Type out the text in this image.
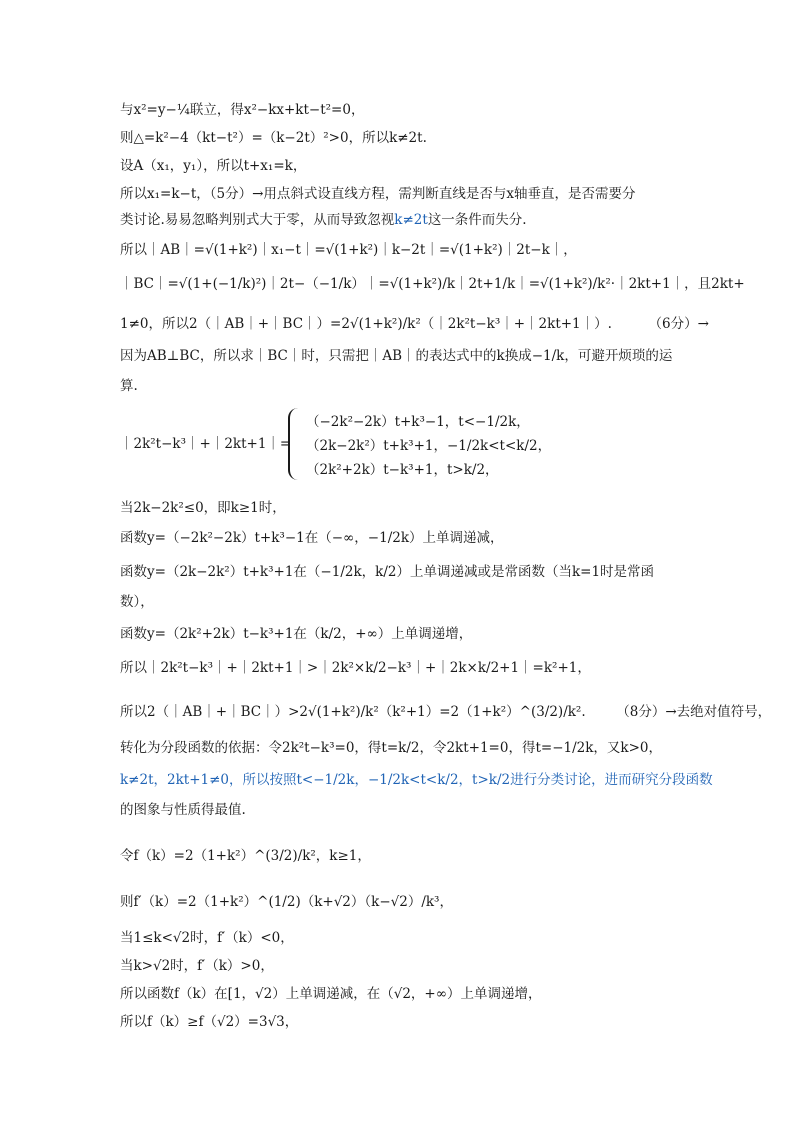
与x²=y−¼联立，得x²−kx+kt−t²=0，
则△=k²−4（kt−t²）=（k−2t）²>0，所以k≠2t.
设A（x₁，y₁），所以t+x₁=k，
所以x₁=k−t，（5分）→用点斜式设直线方程，需判断直线是否与x轴垂直，是否需要分
类讨论.易易忽略判别式大于零，从而导致忽视k≠2t这一条件而失分.
所以｜AB｜=√(1+k²)｜x₁−t｜=√(1+k²)｜k−2t｜=√(1+k²)｜2t−k｜，
｜BC｜=√(1+(−1/k)²)｜2t−（−1/k）｜=√(1+k²)/k｜2t+1/k｜=√(1+k²)/k²·｜2kt+1｜，且2kt+
1≠0，所以2（｜AB｜+｜BC｜）=2√(1+k²)/k²（｜2k²t−k³｜+｜2kt+1｜）.	（6分）→
因为AB⊥BC，所以求｜BC｜时，只需把｜AB｜的表达式中的k换成−1/k，可避开烦琐的运
算.
｜2k²t−k³｜+｜2kt+1｜=
（−2k²−2k）t+k³−1，t<−1/2k，
（2k−2k²）t+k³+1，−1/2k<t<k/2，
（2k²+2k）t−k³+1，t>k/2，
当2k−2k²≤0，即k≥1时，
函数y=（−2k²−2k）t+k³−1在（−∞，−1/2k）上单调递减，
函数y=（2k−2k²）t+k³+1在（−1/2k，k/2）上单调递减或是常函数（当k=1时是常函
数），
函数y=（2k²+2k）t−k³+1在（k/2，+∞）上单调递增，
所以｜2k²t−k³｜+｜2kt+1｜>｜2k²×k/2−k³｜+｜2k×k/2+1｜=k²+1，
所以2（｜AB｜+｜BC｜）>2√(1+k²)/k²（k²+1）=2（1+k²）^(3/2)/k². （8分）→去绝对值符号，
转化为分段函数的依据：令2k²t−k³=0，得t=k/2，令2kt+1=0，得t=−1/2k，又k>0，
k≠2t，2kt+1≠0，所以按照t<−1/2k，−1/2k<t<k/2，t>k/2进行分类讨论，进而研究分段函数
的图象与性质得最值.
令f（k）=2（1+k²）^(3/2)/k²，k≥1，
则f′（k）=2（1+k²）^(1/2)（k+√2）（k−√2）/k³，
当1≤k<√2时，f′（k）<0，
当k>√2时，f′（k）>0，
所以函数f（k）在[1，√2）上单调递减，在（√2，+∞）上单调递增，
所以f（k）≥f（√2）=3√3，
